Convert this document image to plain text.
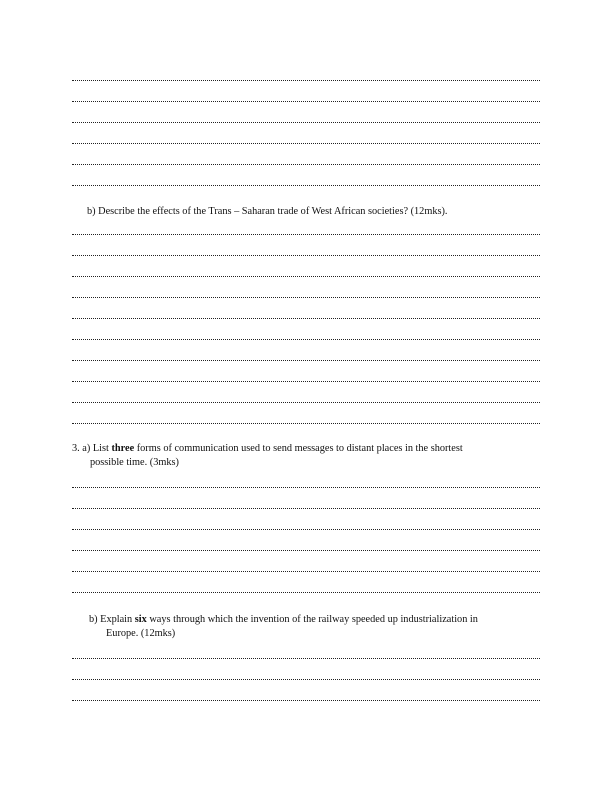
b) Describe the effects of the Trans – Saharan trade of West African societies? (12mks).

3. a) List three forms of communication used to send messages to distant places in the shortest

possible time. (3mks)

b) Explain six ways through which the invention of the railway speeded up industrialization in

Europe. (12mks)
